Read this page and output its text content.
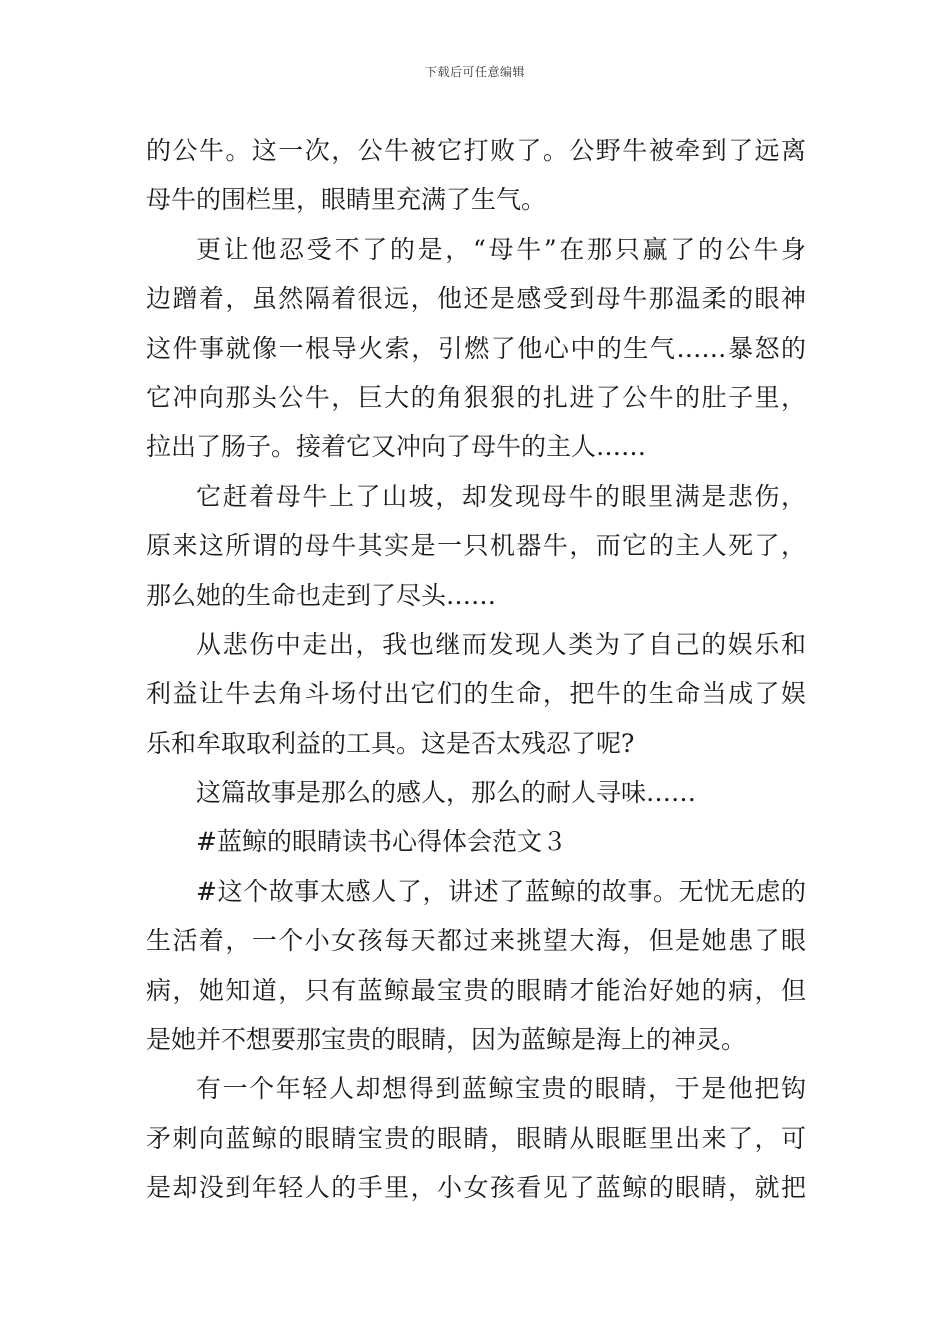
下载后可任意编辑
的公牛。这一次，公牛被它打败了。公野牛被牵到了远离
母牛的围栏里，眼睛里充满了生气。
更让他忍受不了的是，“母牛”在那只赢了的公牛身
边蹭着，虽然隔着很远，他还是感受到母牛那温柔的眼神
这件事就像一根导火索，引燃了他心中的生气……暴怒的
它冲向那头公牛，巨大的角狠狠的扎进了公牛的肚子里，
拉出了肠子。接着它又冲向了母牛的主人……
它赶着母牛上了山坡，却发现母牛的眼里满是悲伤，
原来这所谓的母牛其实是一只机器牛，而它的主人死了，
那么她的生命也走到了尽头……
从悲伤中走出，我也继而发现人类为了自己的娱乐和
利益让牛去角斗场付出它们的生命，把牛的生命当成了娱
乐和牟取取利益的工具。这是否太残忍了呢?
这篇故事是那么的感人，那么的耐人寻味……
#蓝鲸的眼睛读书心得体会范文３
#这个故事太感人了，讲述了蓝鲸的故事。无忧无虑的
生活着，一个小女孩每天都过来挑望大海，但是她患了眼
病，她知道，只有蓝鲸最宝贵的眼睛才能治好她的病，但
是她并不想要那宝贵的眼睛，因为蓝鲸是海上的神灵。
有一个年轻人却想得到蓝鲸宝贵的眼睛，于是他把钩
矛刺向蓝鲸的眼睛宝贵的眼睛，眼睛从眼眶里出来了，可
是却没到年轻人的手里，小女孩看见了蓝鲸的眼睛，就把
